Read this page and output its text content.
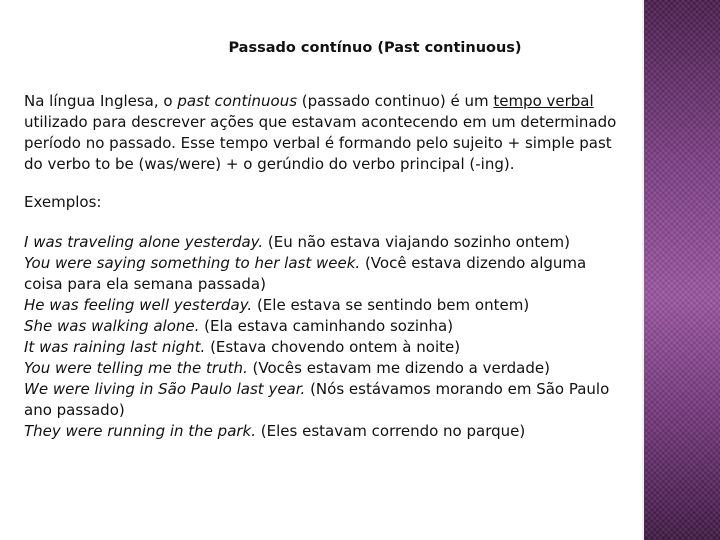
Passado contínuo (Past continuous)

Na língua Inglesa, o past continuous (passado continuo) é um tempo verbal utilizado para descrever ações que estavam acontecendo em um determinado período no passado. Esse tempo verbal é formando pelo sujeito + simple past do verbo to be (was/were) + o gerúndio do verbo principal (-ing).

Exemplos:

I was traveling alone yesterday. (Eu não estava viajando sozinho ontem)

You were saying something to her last week. (Você estava dizendo alguma coisa para ela semana passada)

He was feeling well yesterday. (Ele estava se sentindo bem ontem)

She was walking alone. (Ela estava caminhando sozinha)

It was raining last night. (Estava chovendo ontem à noite)

You were telling me the truth. (Vocês estavam me dizendo a verdade)

We were living in São Paulo last year. (Nós estávamos morando em São Paulo ano passado)

They were running in the park. (Eles estavam correndo no parque)
